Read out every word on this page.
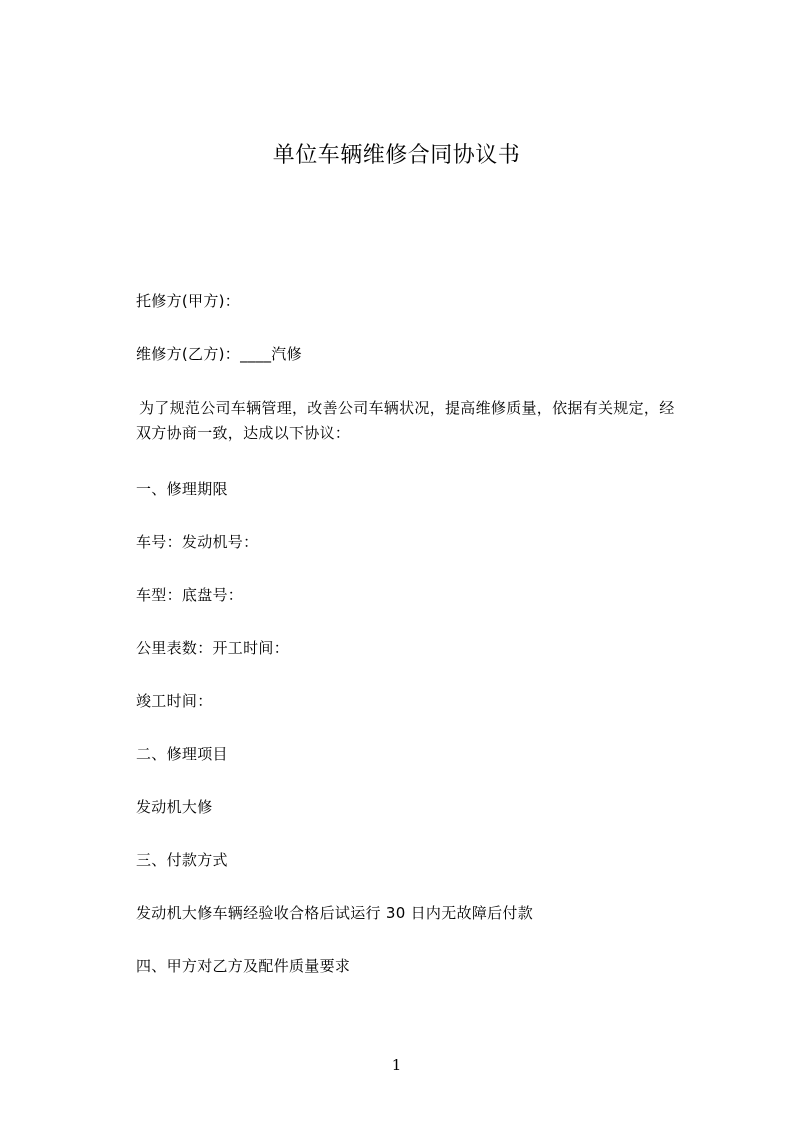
单位车辆维修合同协议书
托修方(甲方)：
维修方(乙方)：____汽修
为了规范公司车辆管理，改善公司车辆状况，提高维修质量，依据有关规定，经
双方协商一致，达成以下协议：
一、修理期限
车号：发动机号：
车型：底盘号：
公里表数：开工时间：
竣工时间：
二、修理项目
发动机大修
三、付款方式
发动机大修车辆经验收合格后试运行 30 日内无故障后付款
四、甲方对乙方及配件质量要求
1
